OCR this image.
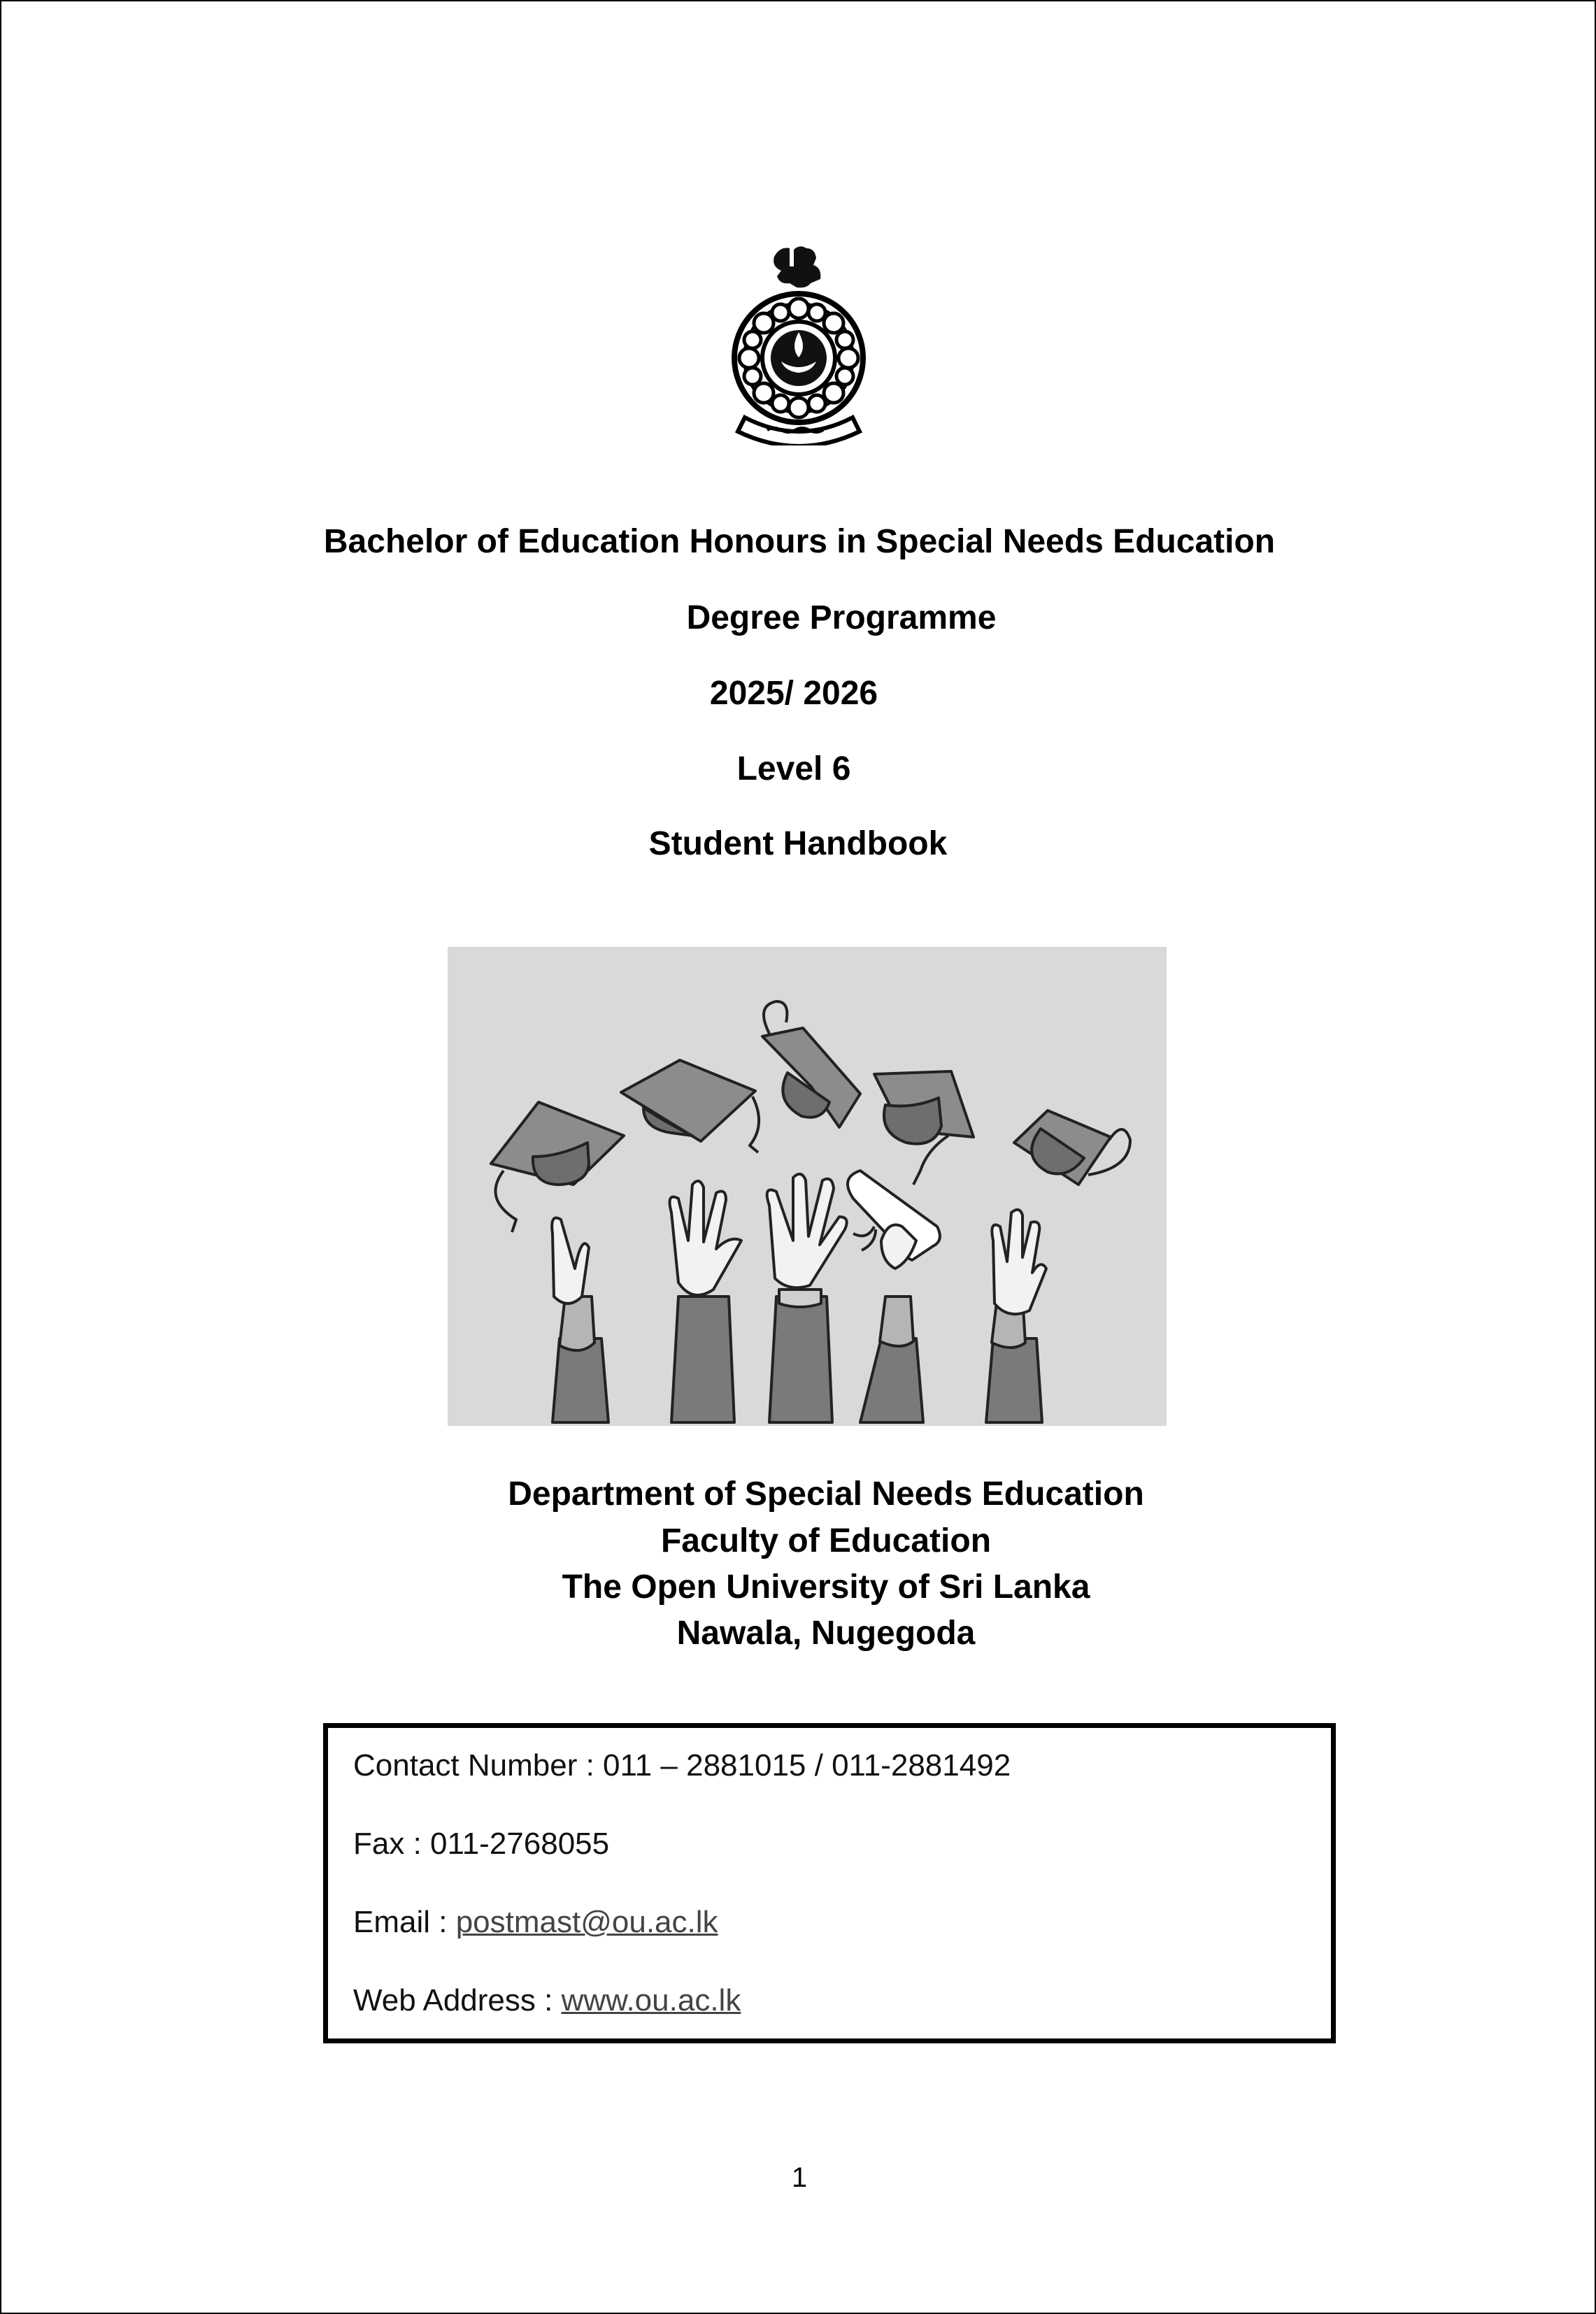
Bachelor of Education Honours in Special Needs Education
Degree Programme
2025/ 2026
Level 6
Student Handbook
Department of Special Needs Education
Faculty of Education
The Open University of Sri Lanka
Nawala, Nugegoda
Contact Number : 011 – 2881015 / 011-2881492
Fax : 011-2768055
Email : postmast@ou.ac.lk
Web Address : www.ou.ac.lk
1
